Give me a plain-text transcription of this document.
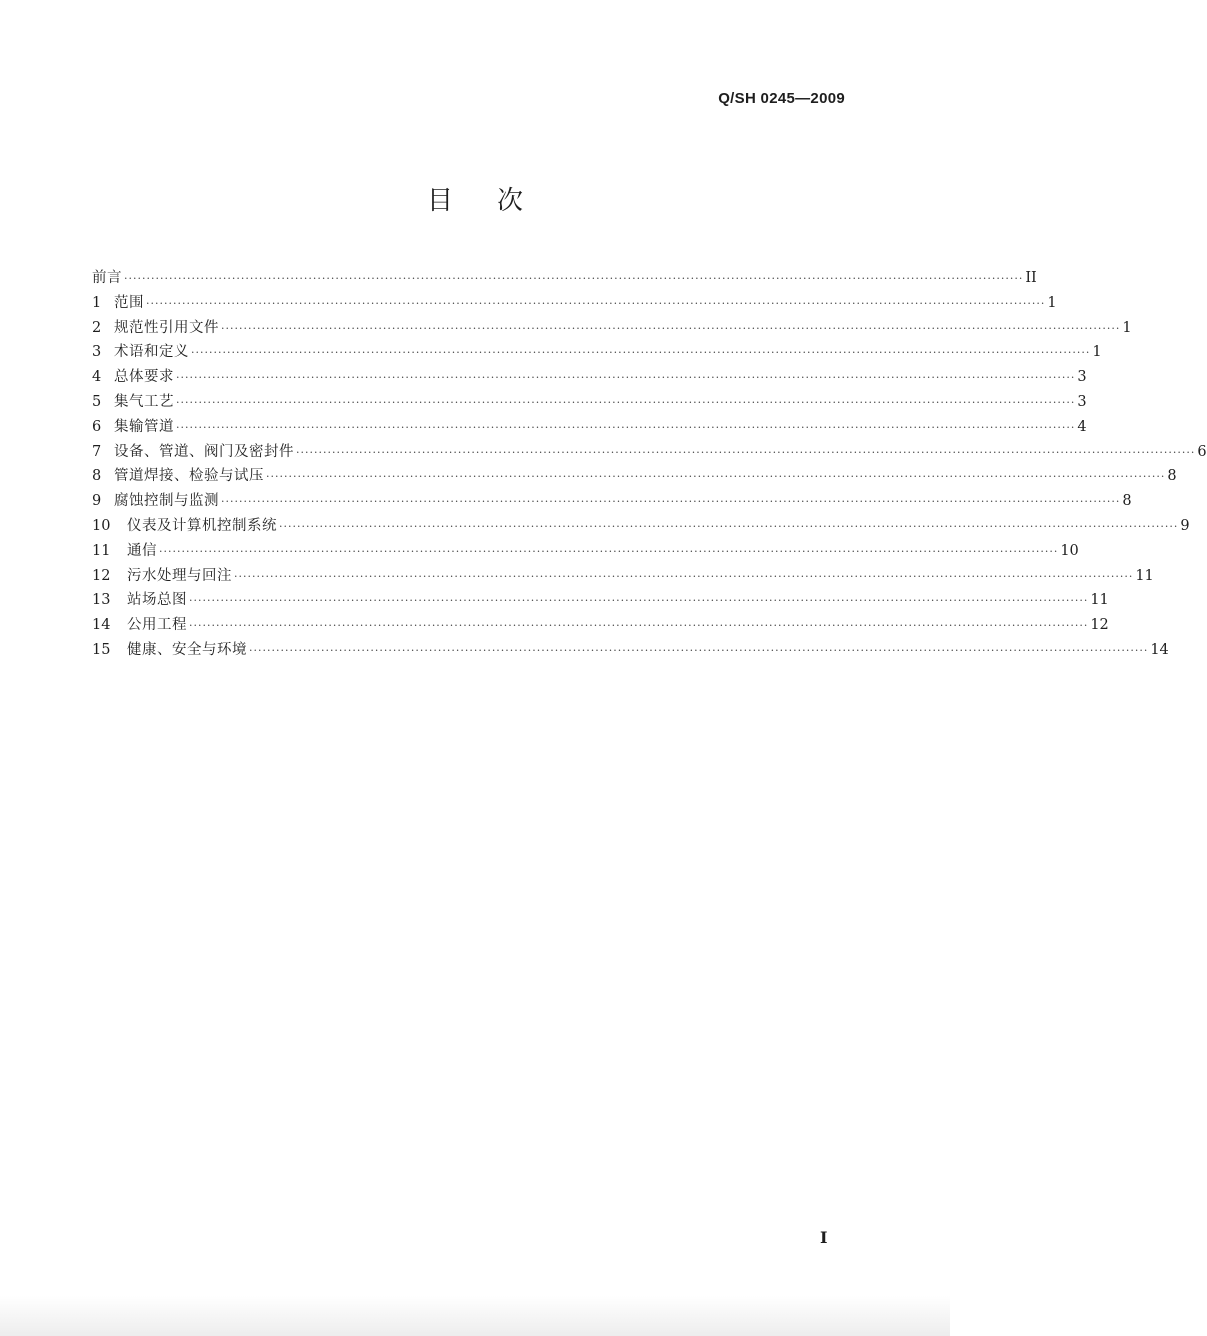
Q/SH 0245—2009
目次
前言 ········································································································································································································ II
1 范围 ········································································································································································································ 1
2 规范性引用文件 ········································································································································································································ 1
3 术语和定义 ········································································································································································································ 1
4 总体要求 ········································································································································································································ 3
5 集气工艺 ········································································································································································································ 3
6 集输管道 ········································································································································································································ 4
7 设备、管道、阀门及密封件 ········································································································································································································ 6
8 管道焊接、检验与试压 ········································································································································································································ 8
9 腐蚀控制与监测 ········································································································································································································ 8
10	仪表及计算机控制系统 ········································································································································································································ 9
11	通信 ········································································································································································································ 10
12	污水处理与回注 ········································································································································································································ 11
13	站场总图 ········································································································································································································ 11
14	公用工程 ········································································································································································································ 12
15	健康、安全与环境 ········································································································································································································ 14
I
